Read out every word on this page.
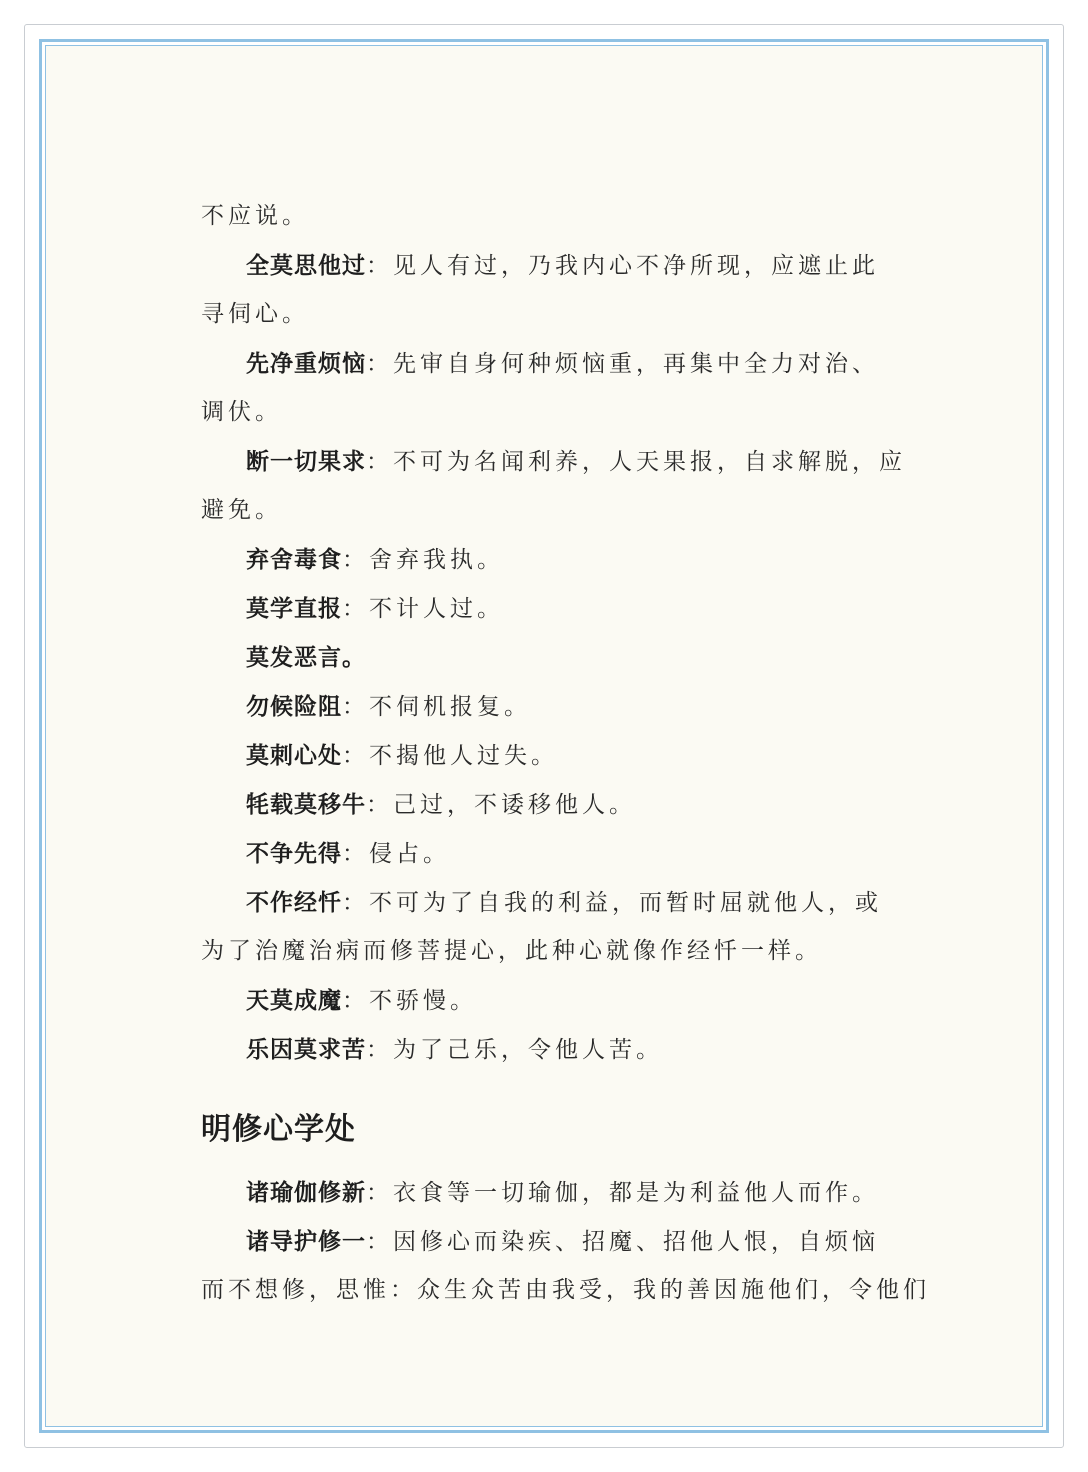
不应说。
全莫思他过：见人有过，乃我内心不净所现，应遮止此
寻伺心。
先净重烦恼：先审自身何种烦恼重，再集中全力对治、
调伏。
断一切果求：不可为名闻利养，人天果报，自求解脱，应
避免。
弃舍毒食：舍弃我执。
莫学直报：不计人过。
莫发恶言。
勿候险阻：不伺机报复。
莫刺心处：不揭他人过失。
牦载莫移牛：己过，不诿移他人。
不争先得：侵占。
不作经忏：不可为了自我的利益，而暂时屈就他人，或
为了治魔治病而修菩提心，此种心就像作经忏一样。
天莫成魔：不骄慢。
乐因莫求苦：为了己乐，令他人苦。
明修心学处
诸瑜伽修新：衣食等一切瑜伽，都是为利益他人而作。
诸导护修一：因修心而染疾、招魔、招他人恨，自烦恼
而不想修，思惟：众生众苦由我受，我的善因施他们，令他们
